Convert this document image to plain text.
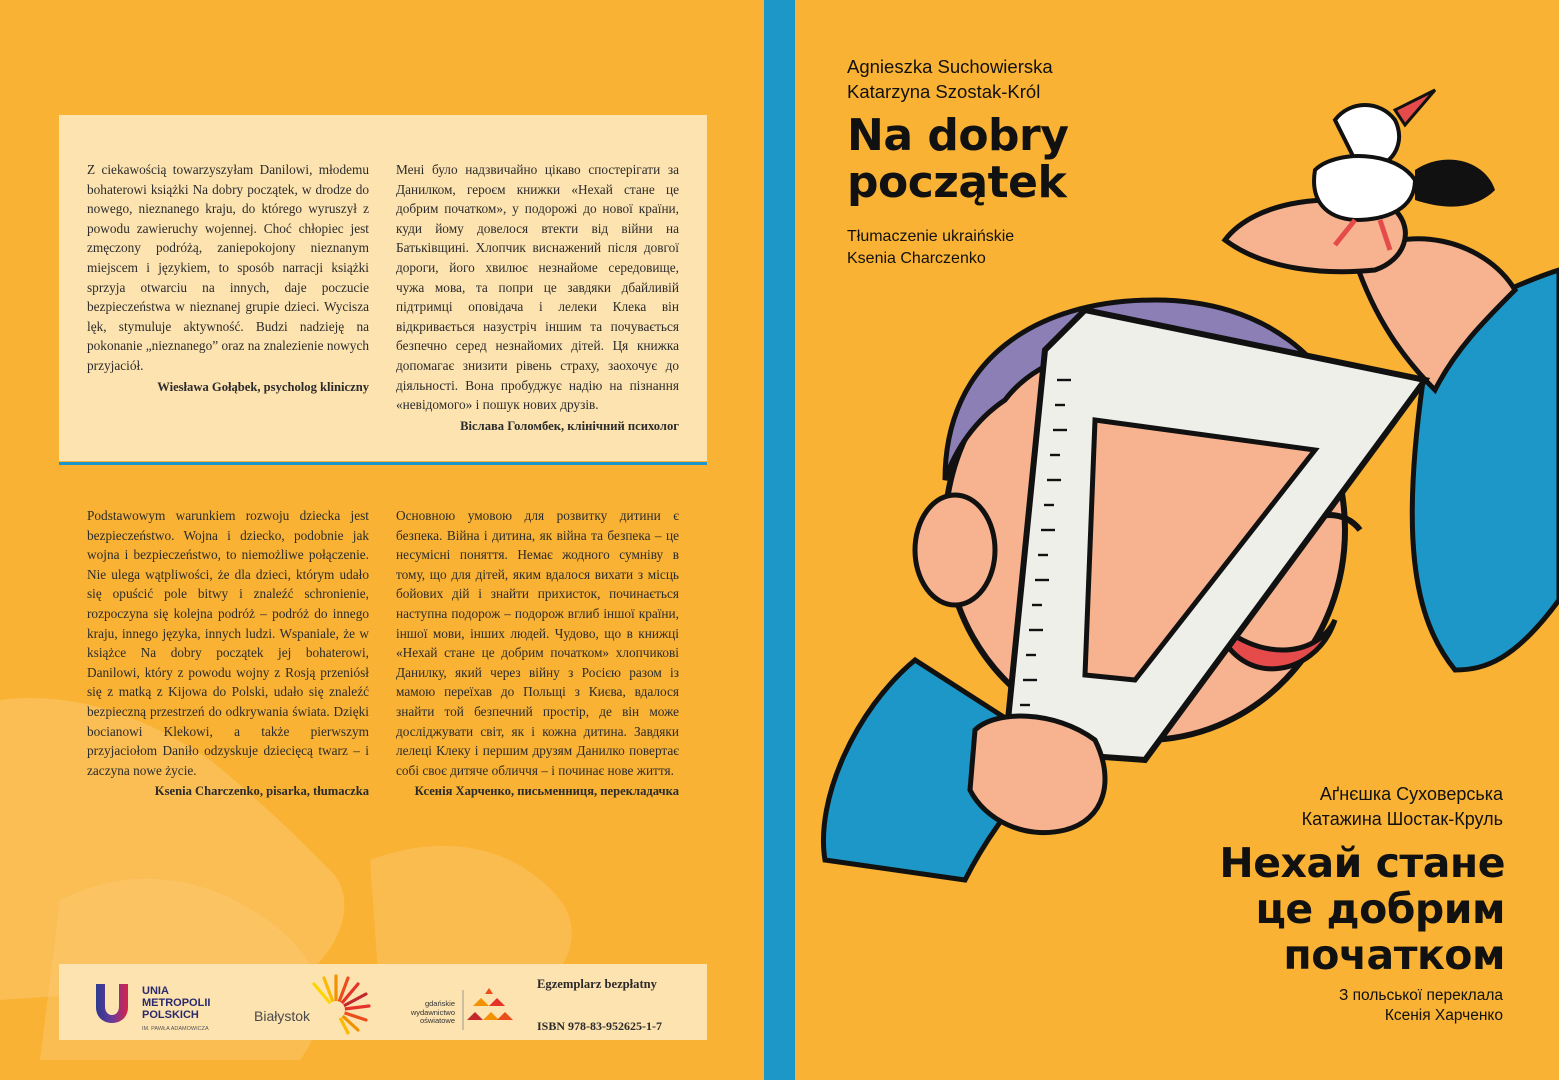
Z ciekawością towarzyszyłam Danilowi, młodemu bohaterowi książki Na dobry początek, w drodze do nowego, nieznanego kraju, do którego wyruszył z powodu zawieruchy wojennej. Choć chłopiec jest zmęczony podróżą, zaniepokojony nieznanym miejscem i językiem, to sposób narracji książki sprzyja otwarciu na innych, daje poczucie bezpieczeństwa w nieznanej grupie dzieci. Wycisza lęk, stymuluje aktywność. Budzi nadzieję na pokonanie „nieznanego” oraz na znalezienie nowych przyjaciół.

Wiesława Gołąbek, psycholog kliniczny

Мені було надзвичайно цікаво спостерігати за Данилком, героєм книжки «Нехай стане це добрим початком», у подорожі до нової країни, куди йому довелося втекти від війни на Батьківщині. Хлопчик виснажений після довгої дороги, його хвилює незнайоме середовище, чужа мова, та попри це завдяки дбайливій підтримці оповідача і лелеки Клека він відкривається назустріч іншим та почувається безпечно серед незнайомих дітей. Ця книжка допомагає знизити рівень страху, заохочує до діяльності. Вона пробуджує надію на пізнання «невідомого» і пошук нових друзів.

Віслава Голомбек, клінічний психолог

Podstawowym warunkiem rozwoju dziecka jest bezpieczeństwo. Wojna i dziecko, podobnie jak wojna i bezpieczeństwo, to niemożliwe połączenie. Nie ulega wątpliwości, że dla dzieci, którym udało się opuścić pole bitwy i znaleźć schronienie, rozpoczyna się kolejna podróż – podróż do innego kraju, innego języka, innych ludzi. Wspaniale, że w książce Na dobry początek jej bohaterowi, Danilowi, który z powodu wojny z Rosją przeniósł się z matką z Kijowa do Polski, udało się znaleźć bezpieczną przestrzeń do odkrywania świata. Dzięki bocianowi Klekowi, a także pierwszym przyjaciołom Daniło odzyskuje dziecięcą twarz – i zaczyna nowe życie.

Ksenia Charczenko, pisarka, tłumaczka

Основною умовою для розвитку дитини є безпека. Війна і дитина, як війна та безпека – це несумісні поняття. Немає жодного сумніву в тому, що для дітей, яким вдалося вихати з місць бойових дій і знайти прихисток, починається наступна подорож – подорож вглиб іншої країни, іншої мови, інших людей. Чудово, що в книжці «Нехай стане це добрим початком» хлопчикові Данилку, який через війну з Росією разом із мамою переїхав до Польщі з Києва, вдалося знайти той безпечний простір, де він може досліджувати світ, як і кожна дитина. Завдяки лелеці Клеку і першим друзям Данилко повертає собі своє дитяче обличчя – і починає нове життя.

Ксенія Харченко, письменниця, перекладачка

UNIA
METROPOLII
POLSKICH
IM. PAWŁA ADAMOWICZA
Białystok
gdańskie
wydawnictwo
oświatowe
Egzemplarz bezpłatny
ISBN 978-83-952625-1-7
Agnieszka Suchowierska
Katarzyna Szostak-Król
Na dobry
początek
Tłumaczenie ukraińskie
Ksenia Charczenko
Аґнєшка Суховерська
Катажина Шостак-Круль
Нехай стане
це добрим
початком
З польської переклала
Ксенія Харченко
